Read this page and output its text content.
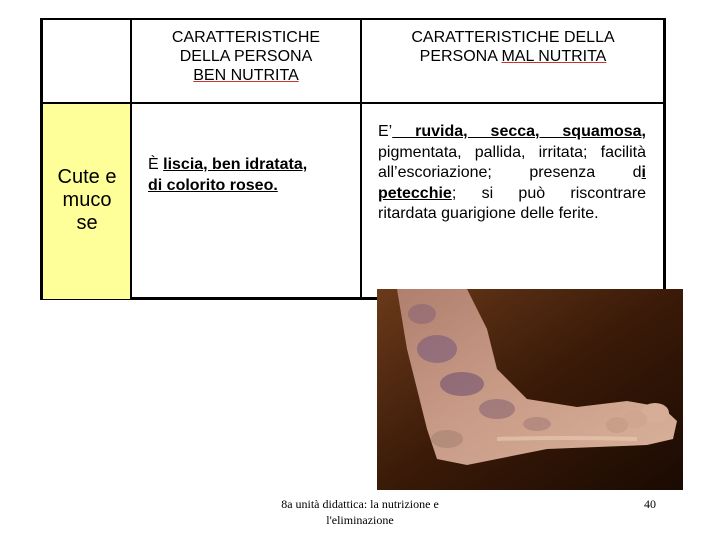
CARATTERISTICHE
DELLA PERSONA
BEN NUTRITA
CARATTERISTICHE DELLA
PERSONA MAL NUTRITA
Cute e
muco
se
È liscia, ben idratata,
di colorito roseo.
E’ ruvida, secca, squamosa, pigmentata, pallida, irritata; facilità all’escoriazione; presenza di petecchie; si può riscontrare ritardata guarigione delle ferite.
8a unità didattica: la nutrizione e
l'eliminazione
40
